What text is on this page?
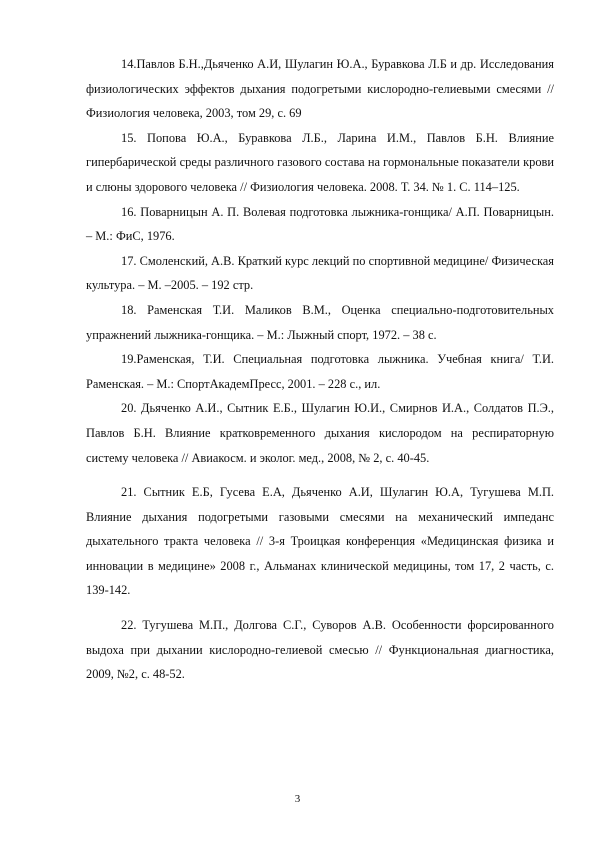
14.Павлов Б.Н.,Дьяченко А.И, Шулагин Ю.А., Буравкова Л.Б и др. Исследования физиологических эффектов дыхания подогретыми кислородно-гелиевыми смесями // Физиология человека, 2003, том 29, с. 69

15. Попова Ю.А., Буравкова Л.Б., Ларина И.М., Павлов Б.Н. Влияние гипербарической среды различного газового состава на гормональные показатели крови и слюны здорового человека // Физиология человека. 2008. Т. 34. № 1. С. 114–125.

16. Поварницын А. П. Волевая подготовка лыжника-гонщика/ А.П. Поварницын. – М.: ФиС, 1976.

17. Смоленский, А.В. Краткий курс лекций по спортивной медицине/ Физическая культура. – М. –2005. – 192 стр.

18. Раменская Т.И. Маликов В.М., Оценка специально-подготовительных упражнений лыжника-гонщика. – М.: Лыжный спорт, 1972. – 38 с.

19.Раменская, Т.И. Специальная подготовка лыжника. Учебная книга/ Т.И. Раменская. – М.: СпортАкадемПресс, 2001. – 228 с., ил.

20. Дьяченко А.И., Сытник Е.Б., Шулагин Ю.И., Смирнов И.А., Солдатов П.Э., Павлов Б.Н. Влияние кратковременного дыхания кислородом на респираторную систему человека // Авиакосм. и эколог. мед., 2008, № 2, с. 40-45.

21. Сытник Е.Б, Гусева Е.А, Дьяченко А.И, Шулагин Ю.А, Тугушева М.П. Влияние дыхания подогретыми газовыми смесями на механический импеданс дыхательного тракта человека // 3-я Троицкая конференция «Медицинская физика и инновации в медицине» 2008 г., Альманах клинической медицины, том 17, 2 часть, с. 139-142.

22. Тугушева М.П., Долгова С.Г., Суворов А.В. Особенности форсированного выдоха при дыхании кислородно-гелиевой смесью // Функциональная диагностика, 2009, №2, с. 48-52.

3
